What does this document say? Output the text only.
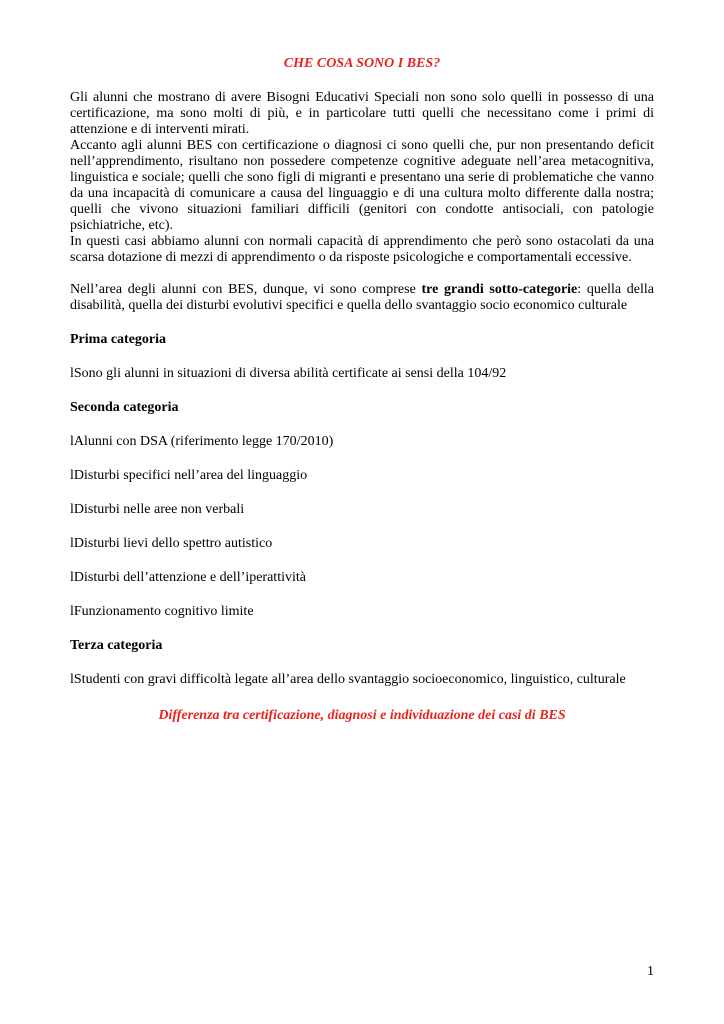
CHE COSA SONO I BES?

Gli alunni che mostrano di avere Bisogni Educativi Speciali non sono solo quelli in possesso di una certificazione, ma sono molti di più, e in particolare tutti quelli che necessitano come i primi di attenzione e di interventi mirati.

Accanto agli alunni BES con certificazione o diagnosi ci sono quelli che, pur non presentando deficit nell’apprendimento, risultano non possedere competenze cognitive adeguate nell’area metacognitiva, linguistica e sociale; quelli che sono figli di migranti e presentano una serie di problematiche che vanno da una incapacità di comunicare a causa del linguaggio e di una cultura molto differente dalla nostra; quelli che vivono situazioni familiari difficili (genitori con condotte antisociali, con patologie psichiatriche, etc).

In questi casi abbiamo alunni con normali capacità di apprendimento che però sono ostacolati da una scarsa dotazione di mezzi di apprendimento o da risposte psicologiche e comportamentali eccessive.

Nell’area degli alunni con BES, dunque, vi sono comprese tre grandi sotto-categorie: quella della disabilità, quella dei disturbi evolutivi specifici e quella dello svantaggio socio economico culturale

Prima categoria
lSono gli alunni in situazioni di diversa abilità certificate ai sensi della 104/92
Seconda categoria
lAlunni con DSA (riferimento legge 170/2010)
lDisturbi specifici nell’area del linguaggio
lDisturbi nelle aree non verbali
lDisturbi lievi dello spettro autistico
lDisturbi dell’attenzione e dell’iperattività
lFunzionamento cognitivo limite
Terza categoria
lStudenti con gravi difficoltà legate all’area dello svantaggio socioeconomico, linguistico, culturale
Differenza tra certificazione, diagnosi e individuazione dei casi di BES
1
